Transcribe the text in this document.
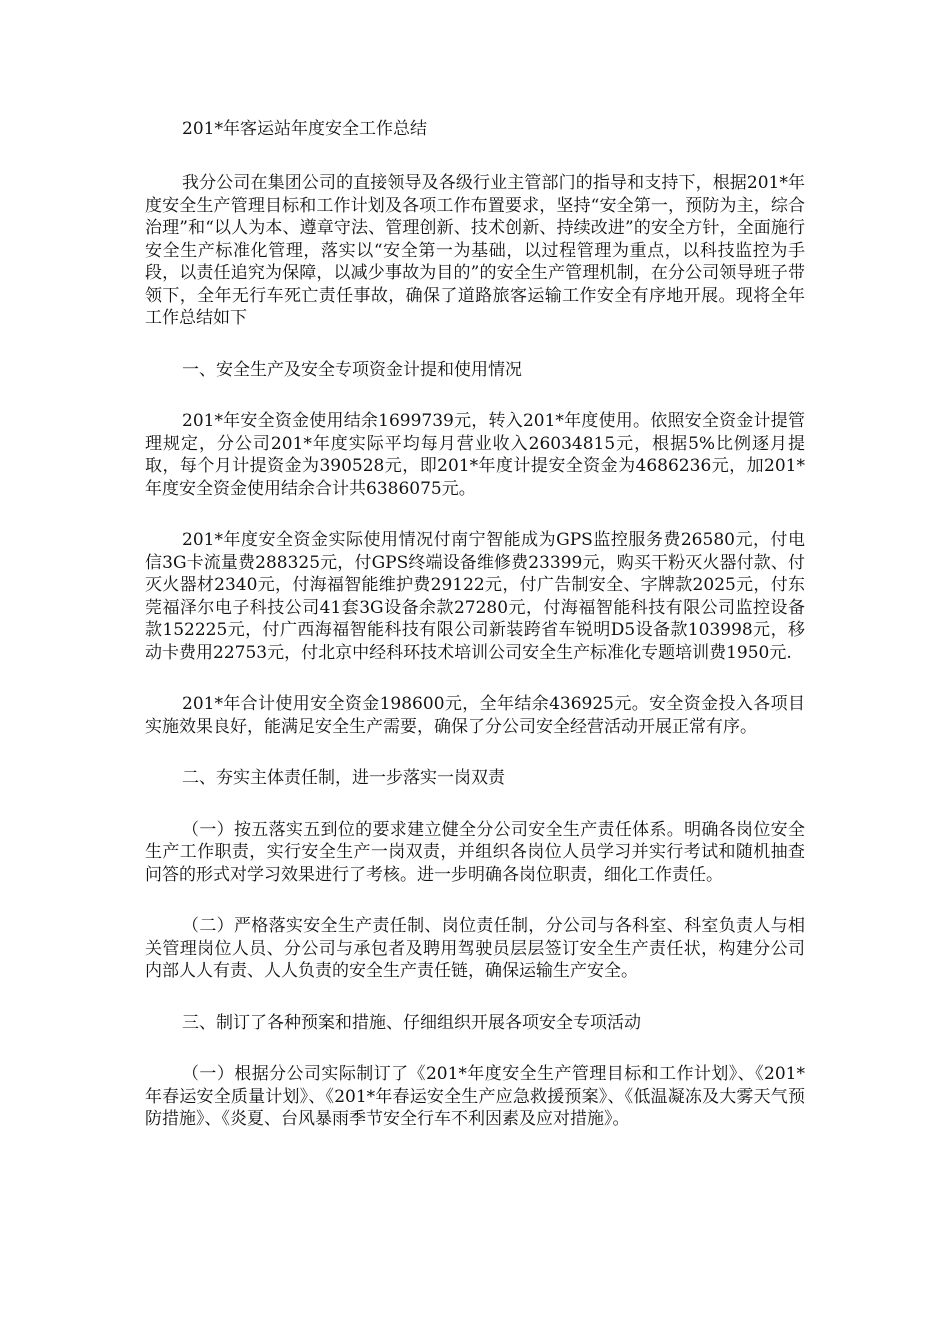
201*年客运站年度安全工作总结

我分公司在集团公司的直接领导及各级行业主管部门的指导和支持下，根据201*年度安全生产管理目标和工作计划及各项工作布置要求，坚持“安全第一，预防为主，综合治理”和“以人为本、遵章守法、管理创新、技术创新、持续改进”的安全方针，全面施行安全生产标准化管理，落实以“安全第一为基础，以过程管理为重点，以科技监控为手段，以责任追究为保障，以减少事故为目的”的安全生产管理机制，在分公司领导班子带领下，全年无行车死亡责任事故，确保了道路旅客运输工作安全有序地开展。现将全年工作总结如下

一、安全生产及安全专项资金计提和使用情况

201*年安全资金使用结余1699739元，转入201*年度使用。依照安全资金计提管理规定，分公司201*年度实际平均每月营业收入26034815元，根据5%比例逐月提取，每个月计提资金为390528元，即201*年度计提安全资金为4686236元，加201*年度安全资金使用结余合计共6386075元。

201*年度安全资金实际使用情况付南宁智能成为GPS监控服务费26580元，付电信3G卡流量费288325元，付GPS终端设备维修费23399元，购买干粉灭火器付款、付灭火器材2340元，付海福智能维护费29122元，付广告制安全、字牌款2025元，付东莞福泽尔电子科技公司41套3G设备余款27280元，付海福智能科技有限公司监控设备款152225元，付广西海福智能科技有限公司新装跨省车锐明D5设备款103998元，移动卡费用22753元，付北京中经科环技术培训公司安全生产标准化专题培训费1950元.

201*年合计使用安全资金198600元，全年结余436925元。安全资金投入各项目实施效果良好，能满足安全生产需要，确保了分公司安全经营活动开展正常有序。

二、夯实主体责任制，进一步落实一岗双责

（一）按五落实五到位的要求建立健全分公司安全生产责任体系。明确各岗位安全生产工作职责，实行安全生产一岗双责，并组织各岗位人员学习并实行考试和随机抽查问答的形式对学习效果进行了考核。进一步明确各岗位职责，细化工作责任。

（二）严格落实安全生产责任制、岗位责任制，分公司与各科室、科室负责人与相关管理岗位人员、分公司与承包者及聘用驾驶员层层签订安全生产责任状，构建分公司内部人人有责、人人负责的安全生产责任链，确保运输生产安全。

三、制订了各种预案和措施、仔细组织开展各项安全专项活动

（一）根据分公司实际制订了《201*年度安全生产管理目标和工作计划》、《201*年春运安全质量计划》、《201*年春运安全生产应急救援预案》、《低温凝冻及大雾天气预防措施》、《炎夏、台风暴雨季节安全行车不利因素及应对措施》。
